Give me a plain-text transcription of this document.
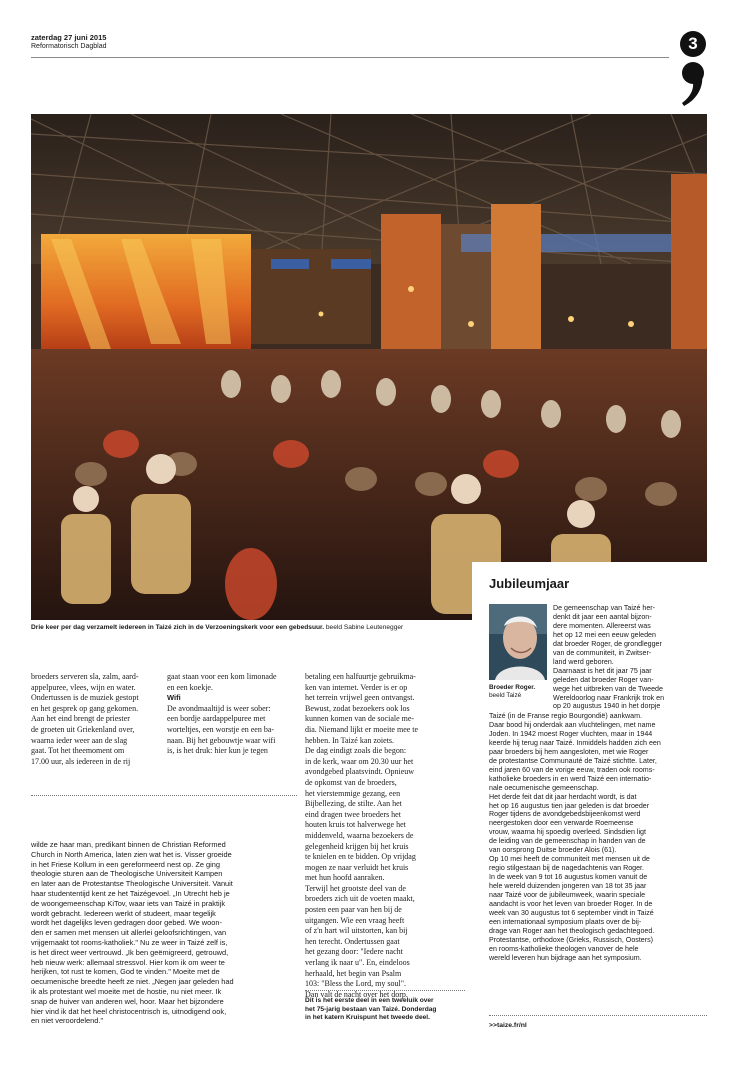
zaterdag 27 juni 2015
Reformatorisch Dagblad	3
Drie keer per dag verzamelt iedereen in Taizé zich in de Verzoeningskerk voor een gebedsuur. beeld Sabine Leutenegger

broeders serveren sla, zalm, aard-

appelpuree, vlees, wijn en water.

Ondertussen is de muziek gestopt

en het gesprek op gang gekomen.

Aan het eind brengt de priester

de groeten uit Griekenland over,

waarna ieder weer aan de slag

gaat. Tot het theemoment om

17.00 uur, als iedereen in de rij

gaat staan voor een kom limonade

en een koekje.

Wifi

De avondmaaltijd is weer sober:

een bordje aardappelpuree met

worteltjes, een worstje en een ba-

naan. Bij het gebouwtje waar wifi

is, is het druk: hier kun je tegen

betaling een halfuurtje gebruikma-

ken van internet. Verder is er op

het terrein vrijwel geen ontvangst.

Bewust, zodat bezoekers ook los

kunnen komen van de sociale me-

dia. Niemand lijkt er moeite mee te

hebben. In Taizé kan zoiets.

De dag eindigt zoals die begon:

in de kerk, waar om 20.30 uur het

avondgebed plaatsvindt. Opnieuw

de opkomst van de broeders,

het vierstemmige gezang, een

Bijbellezing, de stilte. Aan het

eind dragen twee broeders het

houten kruis tot halverwege het

middenveld, waarna bezoekers de

gelegenheid krijgen bij het kruis

te knielen en te bidden. Op vrijdag

mogen ze naar verluidt het kruis

met hun hoofd aanraken.

Terwijl het grootste deel van de

broeders zich uit de voeten maakt,

posten een paar van hen bij de

uitgangen. Wie een vraag heeft

of z'n hart wil uitstorten, kan bij

hen terecht. Ondertussen gaat

het gezang door: "Iedere nacht

verlang ik naar u". En, eindeloos

herhaald, het begin van Psalm

103: "Bless the Lord, my soul".

Dan valt de nacht over het dorp.

wilde ze haar man, predikant binnen de Christian Reformed

Church in North America, laten zien wat het is. Visser groeide

in het Friese Kollum in een gereformeerd nest op. Ze ging

theologie sturen aan de Theologische Universiteit Kampen

en later aan de Protestantse Theologische Universiteit. Vanuit

haar studententijd kent ze het Taizégevoel. „In Utrecht heb je

de woongemeenschap KiTov, waar iets van Taizé in praktijk

wordt gebracht. Iedereen werkt of studeert, maar tegelijk

wordt het dagelijks leven gedragen door gebed. We woon-

den er samen met mensen uit allerlei geloofsrichtingen, van

vrijgemaakt tot rooms-katholiek." Nu ze weer in Taizé zelf is,

is het direct weer vertrouwd. „Ik ben geëmigreerd, getrouwd,

heb nieuw werk: allemaal stressvol. Hier kom ik om weer te

herijken, tot rust te komen, God te vinden." Moeite met de

oecumenische breedte heeft ze niet. „Negen jaar geleden had

ik als protestant wel moeite met de hostie, nu niet meer. Ik

snap de huiver van anderen wel, hoor. Maar het bijzondere

hier vind ik dat het heel christocentrisch is, uitnodigend ook,

en niet veroordelend."

Dit is het eerste deel in een tweeluik over
het 75-jarig bestaan van Taizé. Donderdag
in het katern Kruispunt het tweede deel.
Jubileumjaar
Broeder Roger.
beeld Taizé

De gemeenschap van Taizé her-

denkt dit jaar een aantal bijzon-

dere momenten. Allereerst was

het op 12 mei een eeuw geleden

dat broeder Roger, de grondlegger

van de communiteit, in Zwitser-

land werd geboren.

Daarnaast is het dit jaar 75 jaar

geleden dat broeder Roger van-

wege het uitbreken van de Tweede

Wereldoorlog naar Frankrijk trok en

op 20 augustus 1940 in het dorpje

Taizé (in de Franse regio Bourgondië) aankwam.

Daar bood hij onderdak aan vluchtelingen, met name

Joden. In 1942 moest Roger vluchten, maar in 1944

keerde hij terug naar Taizé. Inmiddels hadden zich een

paar broeders bij hem aangesloten, met wie Roger

de protestantse Communauté de Taizé stichtte. Later,

eind jaren 60 van de vorige eeuw, traden ook rooms-

katholieke broeders in en werd Taizé een internatio-

nale oecumenische gemeenschap.

Het derde feit dat dit jaar herdacht wordt, is dat

het op 16 augustus tien jaar geleden is dat broeder

Roger tijdens de avondgebedsbijeenkomst werd

neergestoken door een verwarde Roemeense

vrouw, waarna hij spoedig overleed. Sindsdien ligt

de leiding van de gemeenschap in handen van de

van oorsprong Duitse broeder Alois (61).

Op 10 mei heeft de communiteit met mensen uit de

regio stilgestaan bij de nagedachtenis van Roger.

In de week van 9 tot 16 augustus komen vanuit de

hele wereld duizenden jongeren van 18 tot 35 jaar

naar Taizé voor de jubileumweek, waarin speciale

aandacht is voor het leven van broeder Roger. In de

week van 30 augustus tot 6 september vindt in Taizé

een internationaal symposium plaats over de bij-

drage van Roger aan het theologisch gedachtegoed.

Protestantse, orthodoxe (Grieks, Russisch, Oosters)

en rooms-katholieke theologen vanover de hele

wereld leveren hun bijdrage aan het symposium.

>>taize.fr/nl
